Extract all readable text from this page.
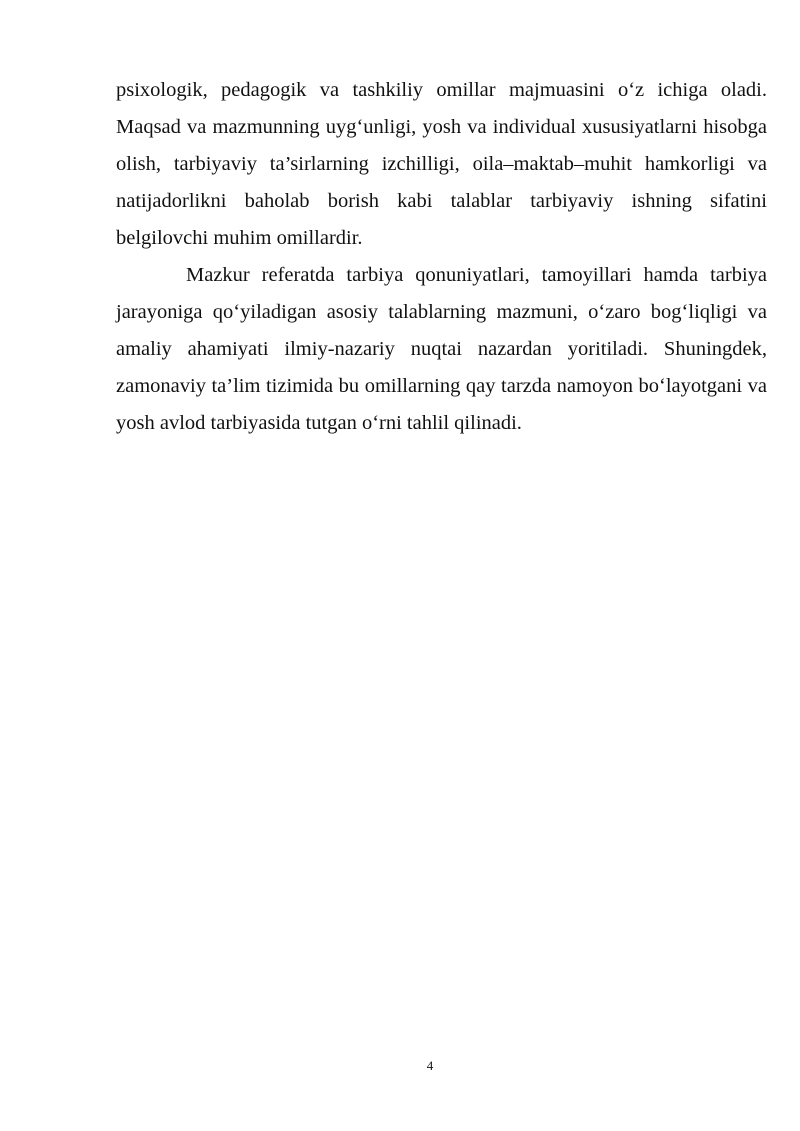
psixologik, pedagogik va tashkiliy omillar majmuasini o‘z ichiga oladi. Maqsad va mazmunning uyg‘unligi, yosh va individual xususiyatlarni hisobga olish, tarbiyaviy ta’sirlarning izchilligi, oila–maktab–muhit hamkorligi va natijadorlikni baholab borish kabi talablar tarbiyaviy ishning sifatini belgilovchi muhim omillardir.

Mazkur referatda tarbiya qonuniyatlari, tamoyillari hamda tarbiya jarayoniga qo‘yiladigan asosiy talablarning mazmuni, o‘zaro bog‘liqligi va amaliy ahamiyati ilmiy-nazariy nuqtai nazardan yoritiladi. Shuningdek, zamonaviy ta’lim tizimida bu omillarning qay tarzda namoyon bo‘layotgani va yosh avlod tarbiyasida tutgan o‘rni tahlil qilinadi.

4
